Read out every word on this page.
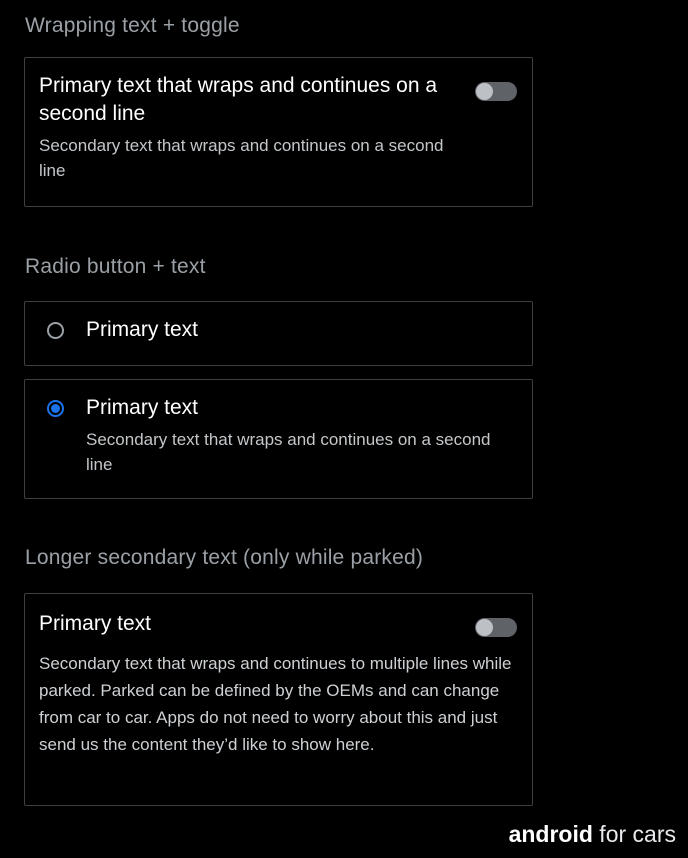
Wrapping text + toggle
Primary text that wraps and continues on a second line
Secondary text that wraps and continues on a second line
Radio button + text
Primary text
Primary text
Secondary text that wraps and continues on a second line
Longer secondary text (only while parked)
Primary text
Secondary text that wraps and continues to multiple lines while parked. Parked can be defined by the OEMs and can change from car to car. Apps do not need to worry about this and just send us the content they’d like to show here.
android for cars
